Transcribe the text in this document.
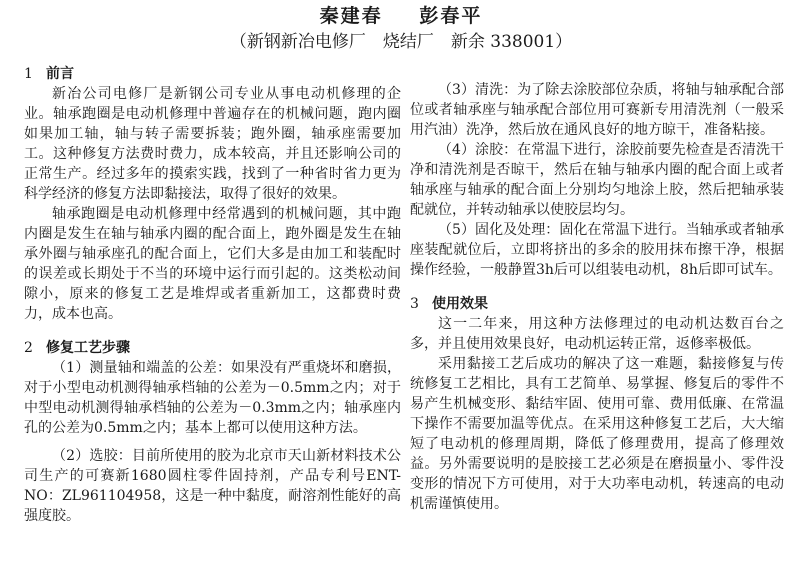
秦建春 彭春平
（新钢新冶电修厂　烧结厂　新余 338001）
1 前言

新冶公司电修厂是新钢公司专业从事电动机修理的企业。轴承跑圈是电动机修理中普遍存在的机械问题，跑内圈如果加工轴，轴与转子需要拆装；跑外圈，轴承座需要加工。这种修复方法费时费力，成本较高，并且还影响公司的正常生产。经过多年的摸索实践，找到了一种省时省力更为科学经济的修复方法即黏接法，取得了很好的效果。

轴承跑圈是电动机修理中经常遇到的机械问题，其中跑内圈是发生在轴与轴承内圈的配合面上，跑外圈是发生在轴承外圈与轴承座孔的配合面上，它们大多是由加工和装配时的误差或长期处于不当的环境中运行而引起的。这类松动间隙小，原来的修复工艺是堆焊或者重新加工，这都费时费力，成本也高。

2 修复工艺步骤

（1）测量轴和端盖的公差：如果没有严重烧坏和磨损，对于小型电动机测得轴承档轴的公差为－0.5mm之内；对于中型电动机测得轴承档轴的公差为－0.3mm之内；轴承座内孔的公差为0.5mm之内；基本上都可以使用这种方法。

（2）选胶：目前所使用的胶为北京市天山新材料技术公司生产的可赛新1680圆柱零件固持剂，产品专利号ENT-NO：ZL961104958，这是一种中黏度，耐溶剂性能好的高强度胶。

（3）清洗：为了除去涂胶部位杂质，将轴与轴承配合部位或者轴承座与轴承配合部位用可赛新专用清洗剂（一般采用汽油）洗净，然后放在通风良好的地方晾干，准备粘接。

（4）涂胶：在常温下进行，涂胶前要先检查是否清洗干净和清洗剂是否晾干，然后在轴与轴承内圈的配合面上或者轴承座与轴承的配合面上分别均匀地涂上胶，然后把轴承装配就位，并转动轴承以使胶层均匀。

（5）固化及处理：固化在常温下进行。当轴承或者轴承座装配就位后，立即将挤出的多余的胶用抹布擦干净，根据操作经验，一般静置3h后可以组装电动机，8h后即可试车。

3 使用效果

这一二年来，用这种方法修理过的电动机达数百台之多，并且使用效果良好，电动机运转正常，返修率极低。

采用黏接工艺后成功的解决了这一难题，黏接修复与传统修复工艺相比，具有工艺简单、易掌握、修复后的零件不易产生机械变形、黏结牢固、使用可靠、费用低廉、在常温下操作不需要加温等优点。在采用这种修复工艺后，大大缩短了电动机的修理周期，降低了修理费用，提高了修理效益。另外需要说明的是胶接工艺必须是在磨损量小、零件没变形的情况下方可使用，对于大功率电动机，转速高的电动机需谨慎使用。
